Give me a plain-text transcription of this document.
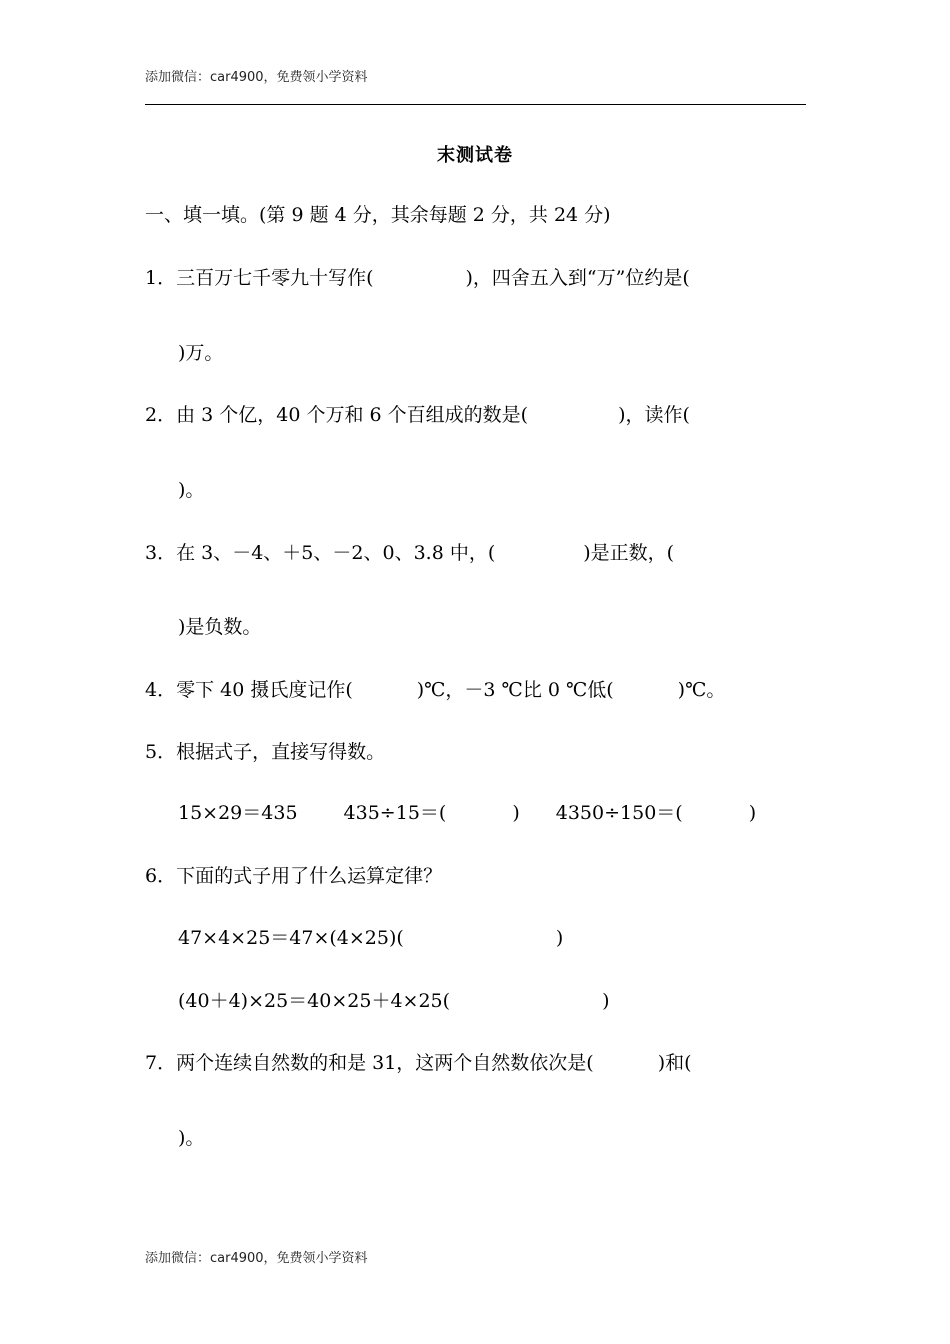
添加微信：car4900，免费领小学资料
末测试卷
一、填一填。(第 9 题 4 分，其余每题 2 分，共 24 分)
1．三百万七千零九十写作(	)，四舍五入到“万”位约是(
)万。
2．由 3 个亿，40 个万和 6 个百组成的数是(	)，读作(
)。
3．在 3、－4、＋5、－2、0、3.8 中，(	)是正数，(
)是负数。
4．零下 40 摄氏度记作(	)℃，－3 ℃比 0 ℃低(	)℃。
5．根据式子，直接写得数。
15×29＝435 435÷15＝(	) 4350÷150＝(	)
6．下面的式子用了什么运算定律？
47×4×25＝47×(4×25)(	)
(40＋4)×25＝40×25＋4×25(	)
7．两个连续自然数的和是 31，这两个自然数依次是(	)和(
)。
添加微信：car4900，免费领小学资料
